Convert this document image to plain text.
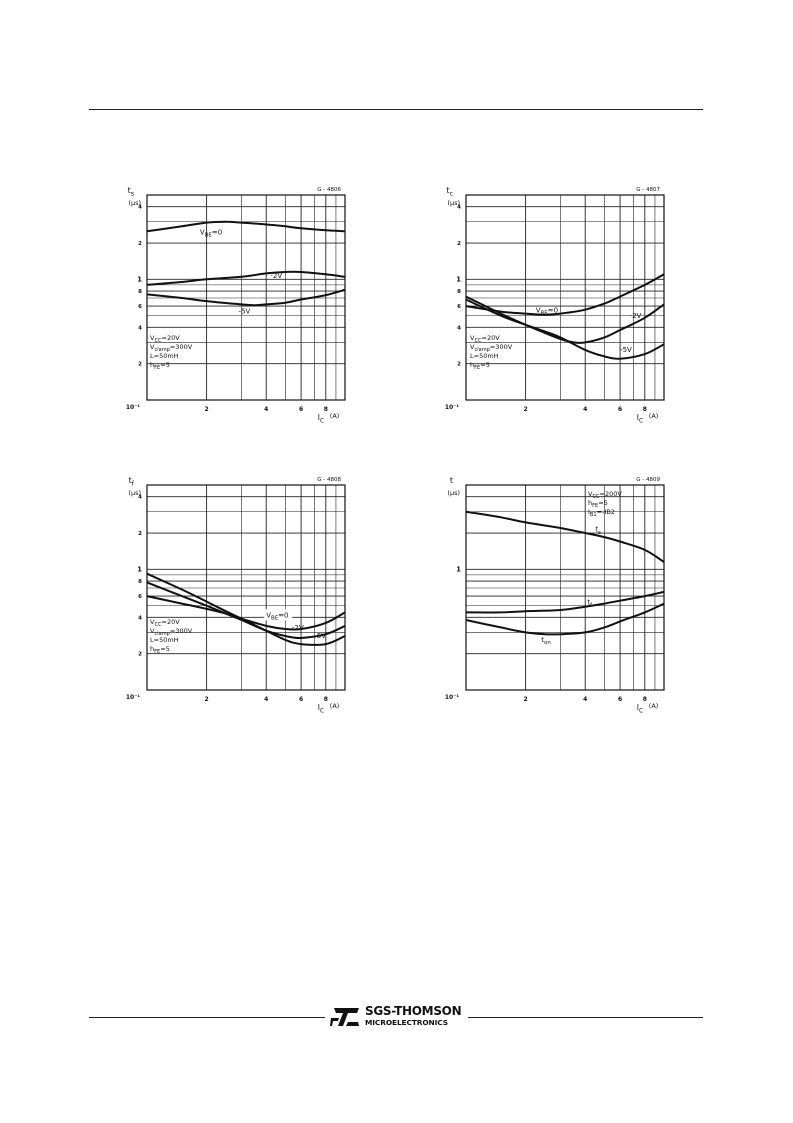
2	4	6	8
4
2
1
8
6
4
2
10⁻¹
$t_s$
(µs)
$I_C$
(A)
G - 4806
$V_{BE}=0$
-2V
-5V
$V_{CC}=20V$
$V_{clamp}=300V$
L=50mH
$h_{FE}=5$
2	4	6	8
4
2
1
8
6
4
2
10⁻¹
$t_c$
(µs)
$I_C$
(A)
G - 4807
$V_{BE}=0$
-2V
-5V
$V_{CC}=20V$
$V_{clamp}=300V$
L=50mH
$h_{FE}=5$
2	4	6	8
4
2
1
8
6
4
2
10⁻¹
$t_f$
(µs)
$I_C$
(A)
G - 4808
$V_{BE}=0$
-2V
-5V
$V_{CC}=20V$
$V_{clamp}=300V$
L=50mH
$h_{FE}=5$
2	4	6	8
1
10⁻¹
t
(µs)
$I_C$
(A)
G - 4809
$t_s$
$t_f$
$t_{on}$
$V_{CC}=200V$
$h_{FE}=5$
$I_{B1}=-IB2$
SGS-THOMSON
MICROELECTRONICS
